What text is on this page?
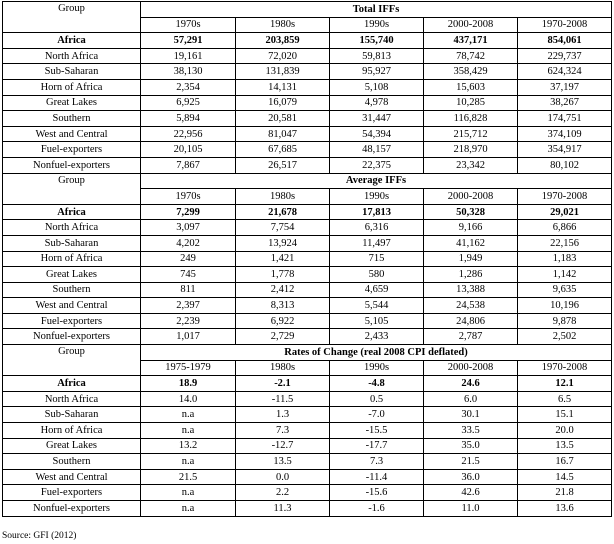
Group	Total IFFs				
	1970s	1980s	1990s	2000-2008	1970-2008
Africa	57,291	203,859	155,740	437,171	854,061
North Africa	19,161	72,020	59,813	78,742	229,737
Sub-Saharan	38,130	131,839	95,927	358,429	624,324
Horn of Africa	2,354	14,131	5,108	15,603	37,197
Great Lakes	6,925	16,079	4,978	10,285	38,267
Southern	5,894	20,581	31,447	116,828	174,751
West and Central	22,956	81,047	54,394	215,712	374,109
Fuel-exporters	20,105	67,685	48,157	218,970	354,917
Nonfuel-exporters	7,867	26,517	22,375	23,342	80,102
Group	Average IFFs				
	1970s	1980s	1990s	2000-2008	1970-2008
Africa	7,299	21,678	17,813	50,328	29,021
North Africa	3,097	7,754	6,316	9,166	6,866
Sub-Saharan	4,202	13,924	11,497	41,162	22,156
Horn of Africa	249	1,421	715	1,949	1,183
Great Lakes	745	1,778	580	1,286	1,142
Southern	811	2,412	4,659	13,388	9,635
West and Central	2,397	8,313	5,544	24,538	10,196
Fuel-exporters	2,239	6,922	5,105	24,806	9,878
Nonfuel-exporters	1,017	2,729	2,433	2,787	2,502
Group	Rates of Change (real 2008 CPI deflated)				
	1975-1979	1980s	1990s	2000-2008	1970-2008
Africa	18.9	-2.1	-4.8	24.6	12.1
North Africa	14.0	-11.5	0.5	6.0	6.5
Sub-Saharan	n.a	1.3	-7.0	30.1	15.1
Horn of Africa	n.a	7.3	-15.5	33.5	20.0
Great Lakes	13.2	-12.7	-17.7	35.0	13.5
Southern	n.a	13.5	7.3	21.5	16.7
West and Central	21.5	0.0	-11.4	36.0	14.5
Fuel-exporters	n.a	2.2	-15.6	42.6	21.8
Nonfuel-exporters	n.a	11.3	-1.6	11.0	13.6
Source: GFI (2012)
